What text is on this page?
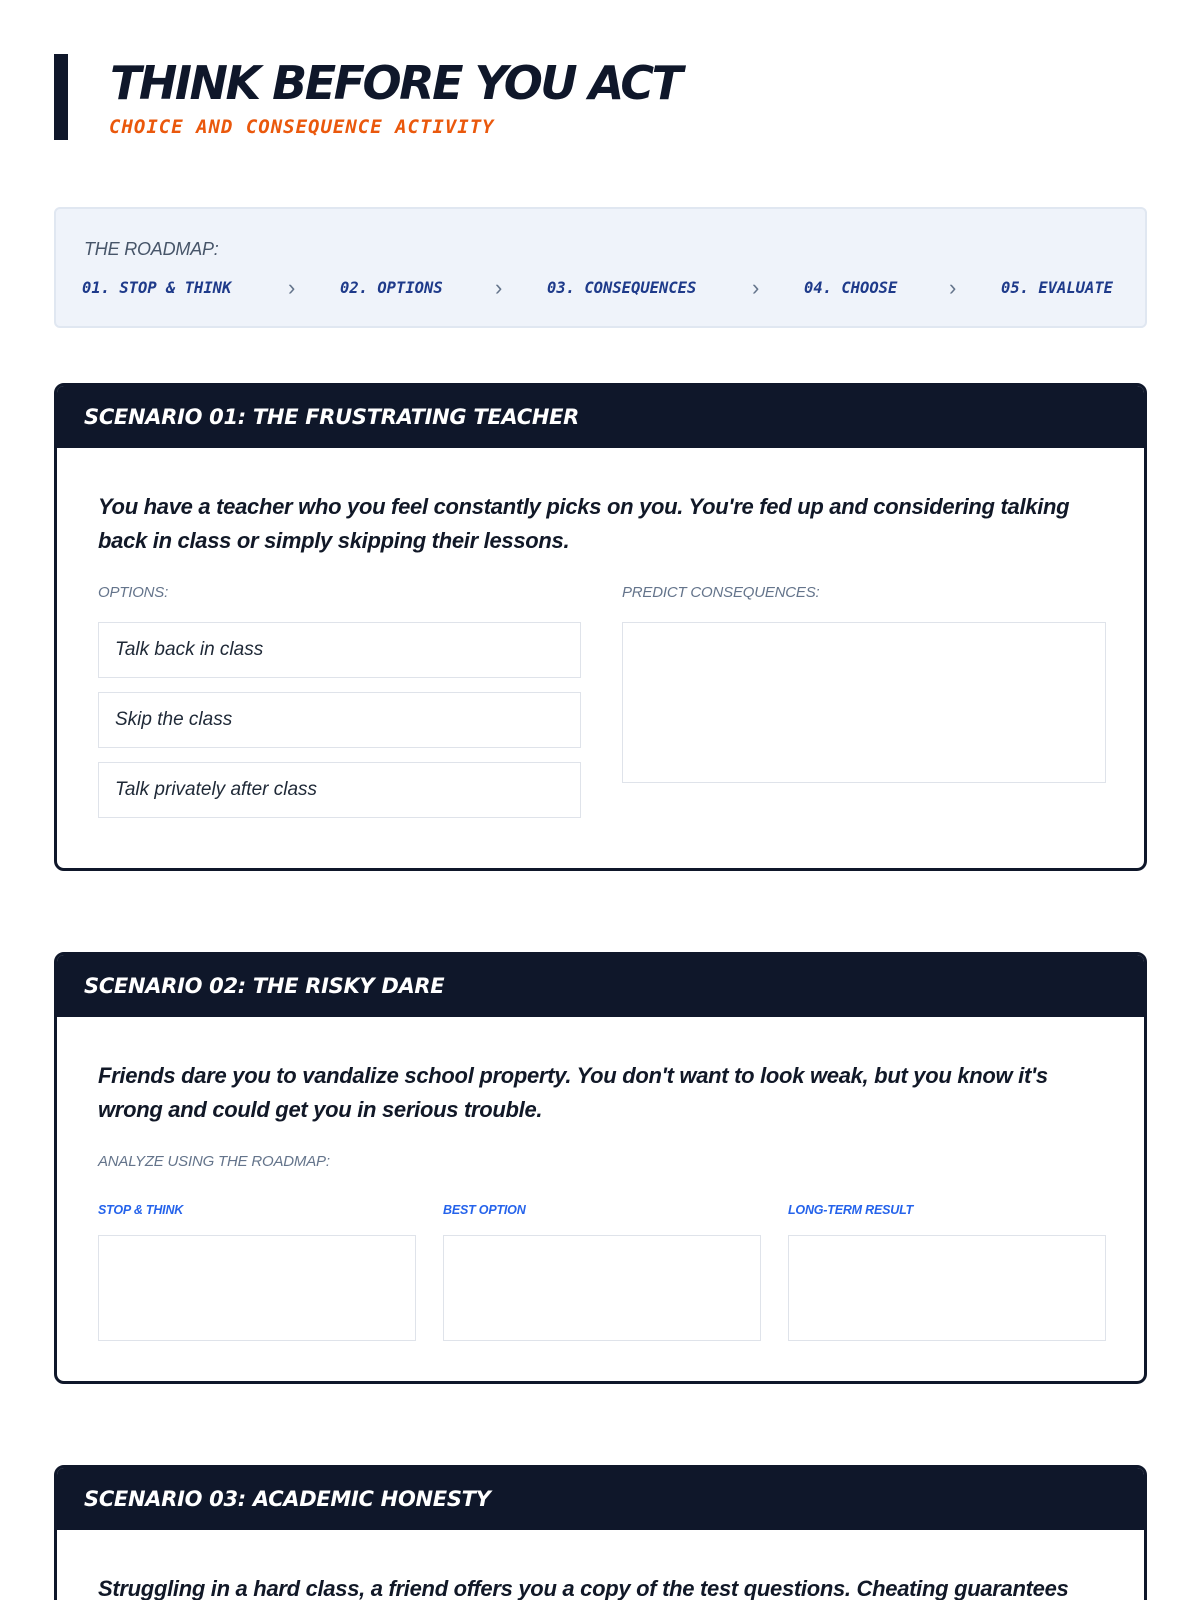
THINK BEFORE YOU ACT
CHOICE AND CONSEQUENCE ACTIVITY
THE ROADMAP:
01. STOP & THINK	›	02. OPTIONS ›	03. CONSEQUENCES	›	04. CHOOSE ›	05. EVALUATE
SCENARIO 01: THE FRUSTRATING TEACHER

You have a teacher who you feel constantly picks on you. You're fed up and considering talking back in class or simply skipping their lessons.

OPTIONS:	PREDICT CONSEQUENCES:
Talk back in class
Skip the class
Talk privately after class
SCENARIO 02: THE RISKY DARE

Friends dare you to vandalize school property. You don't want to look weak, but you know it's wrong and could get you in serious trouble.

ANALYZE USING THE ROADMAP:
STOP & THINK	BEST OPTION	LONG-TERM RESULT
SCENARIO 03: ACADEMIC HONESTY

Struggling in a hard class, a friend offers you a copy of the test questions. Cheating guarantees
